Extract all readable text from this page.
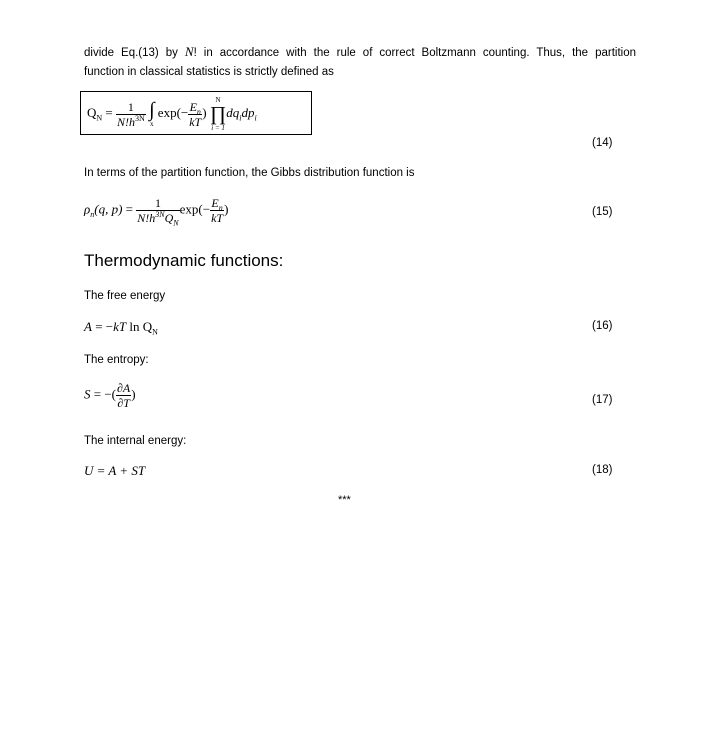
divide Eq.(13) by N! in accordance with the rule of correct Boltzmann counting. Thus, the partition
function in classical statistics is strictly defined as
$Q_N = \frac{1}{N!h^{3N}}$
∫
x
$\exp(- \frac{E_n}{kT}$ )
N
∏
i = 1
$dq_idp_i$
(14)
In terms of the partition function, the Gibbs distribution function is
$\rho_n(q$, $p) = \frac{1}{N!h^{3N}Q_N} \exp(- \frac{E_n}{kT}$ )	(15)
Thermodynamic functions:
The free energy
A = −kT $\ln Q_N$
(16)
The entropy:
S = −( $\frac{\partial A}{\partial T}$ )	(17)
The internal energy:
U = A + ST	(18)
***
